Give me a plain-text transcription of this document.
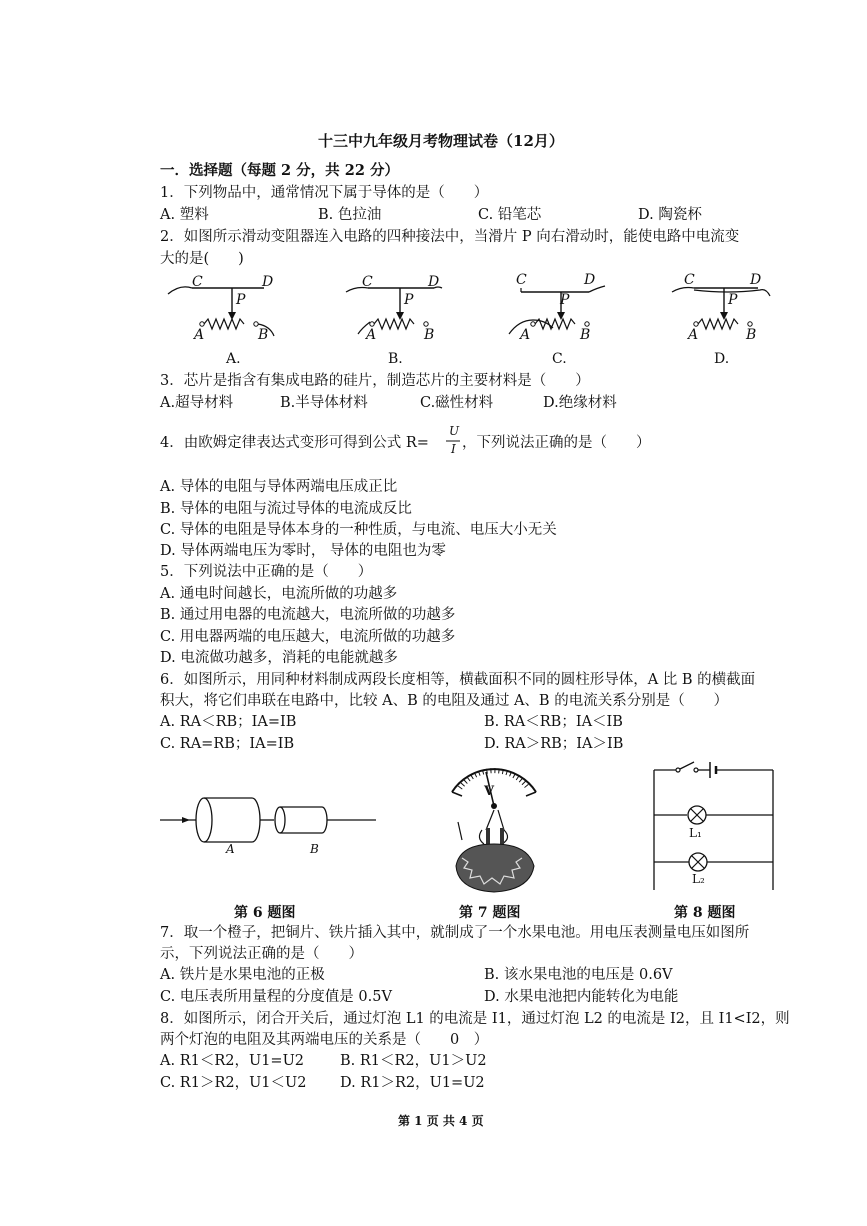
十三中九年级月考物理试卷（12月）
一．选择题（每题 2 分，共 22 分）
1．下列物品中，通常情况下属于导体的是（　　）
A. 塑料	B. 色拉油	C. 铅笔芯	D. 陶瓷杯
2．如图所示滑动变阻器连入电路的四种接法中，当滑片 P 向右滑动时，能使电路中电流变
大的是(　　)
C	D
P
A	B
C	D
P
A	B
C	D
P
A	B
C	D
P
A	B
A.	B.	C.	D.
3．芯片是指含有集成电路的硅片，制造芯片的主要材料是（　　）
A.超导材料	B.半导体材料	C.磁性材料	D.绝缘材料
4．由欧姆定律表达式变形可得到公式 R=
U
I ，下列说法正确的是（　　）
A. 导体的电阻与导体两端电压成正比
B. 导体的电阻与流过导体的电流成反比
C. 导体的电阻是导体本身的一种性质，与电流、电压大小无关
D. 导体两端电压为零时， 导体的电阻也为零
5．下列说法中正确的是（　　）
A. 通电时间越长，电流所做的功越多
B. 通过用电器的电流越大，电流所做的功越多
C. 用电器两端的电压越大，电流所做的功越多
D. 电流做功越多，消耗的电能就越多
6．如图所示，用同种材料制成两段长度相等，横截面积不同的圆柱形导体，A 比 B 的横截面
积大，将它们串联在电路中，比较 A、B 的电阻及通过 A、B 的电流关系分别是（　　）
A. RA＜RB；IA=IB	B. RA＜RB；IA＜IB
C. RA=RB；IA=IB	D. RA＞RB；IA＞IB
A	B
V
L₁
L₂
第 6 题图	第 7 题图	第 8 题图
7．取一个橙子，把铜片、铁片插入其中，就制成了一个水果电池。用电压表测量电压如图所
示，下列说法正确的是（　　）
A. 铁片是水果电池的正极	B. 该水果电池的电压是 0.6V
C. 电压表所用量程的分度值是 0.5V	D. 水果电池把内能转化为电能
8．如图所示，闭合开关后，通过灯泡 L1 的电流是 I1，通过灯泡 L2 的电流是 I2，且 I1<I2，则
两个灯泡的电阻及其两端电压的关系是（　　0　）
A. R1＜R2，U1=U2 B. R1＜R2，U1＞U2
C. R1＞R2，U1＜U2 D. R1＞R2，U1=U2
第 1 页 共 4 页
